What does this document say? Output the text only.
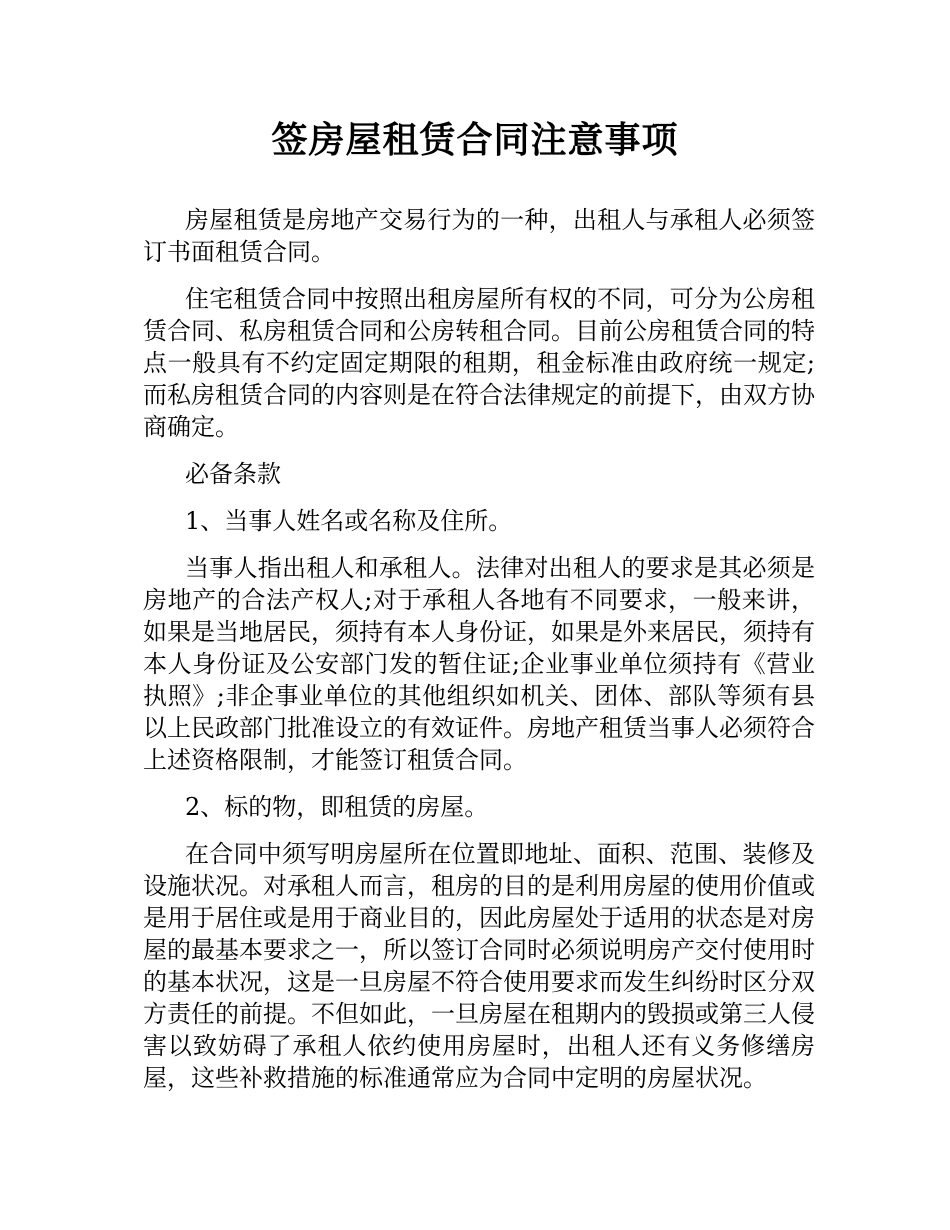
签房屋租赁合同注意事项

房屋租赁是房地产交易行为的一种，出租人与承租人必须签订书面租赁合同。

住宅租赁合同中按照出租房屋所有权的不同，可分为公房租赁合同、私房租赁合同和公房转租合同。目前公房租赁合同的特点一般具有不约定固定期限的租期，租金标准由政府统一规定;而私房租赁合同的内容则是在符合法律规定的前提下，由双方协商确定。

必备条款

1、当事人姓名或名称及住所。

当事人指出租人和承租人。法律对出租人的要求是其必须是房地产的合法产权人;对于承租人各地有不同要求，一般来讲，如果是当地居民，须持有本人身份证，如果是外来居民，须持有本人身份证及公安部门发的暂住证;企业事业单位须持有《营业执照》;非企事业单位的其他组织如机关、团体、部队等须有县以上民政部门批准设立的有效证件。房地产租赁当事人必须符合上述资格限制，才能签订租赁合同。

2、标的物，即租赁的房屋。

在合同中须写明房屋所在位置即地址、面积、范围、装修及设施状况。对承租人而言，租房的目的是利用房屋的使用价值或是用于居住或是用于商业目的，因此房屋处于适用的状态是对房屋的最基本要求之一，所以签订合同时必须说明房产交付使用时的基本状况，这是一旦房屋不符合使用要求而发生纠纷时区分双方责任的前提。不但如此，一旦房屋在租期内的毁损或第三人侵害以致妨碍了承租人依约使用房屋时，出租人还有义务修缮房屋，这些补救措施的标准通常应为合同中定明的房屋状况。
